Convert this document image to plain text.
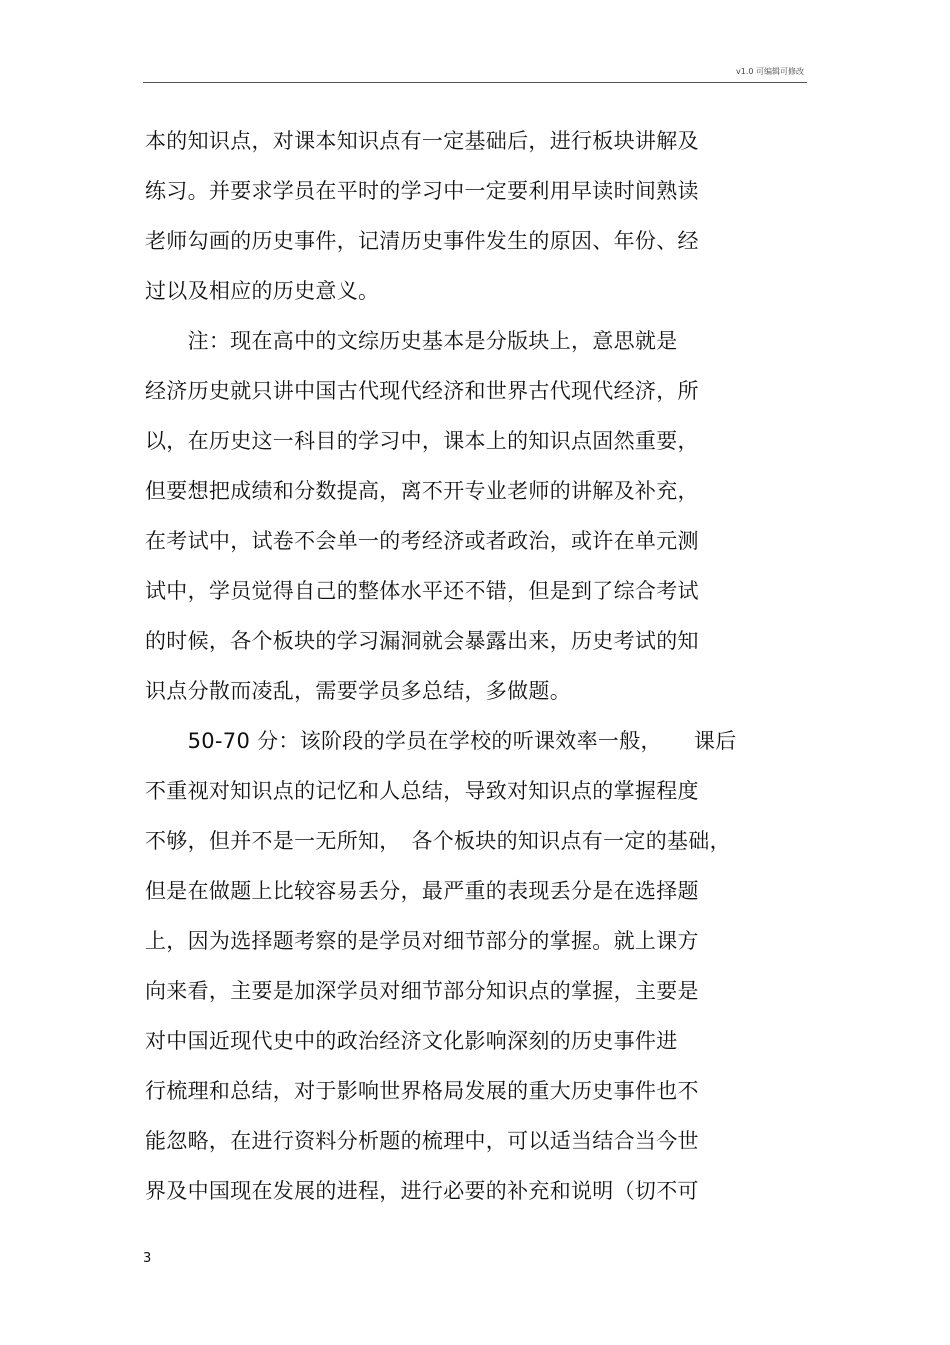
v1.0 可编辑可修改
本的知识点，对课本知识点有一定基础后，进行板块讲解及
练习。并要求学员在平时的学习中一定要利用早读时间熟读
老师勾画的历史事件，记清历史事件发生的原因、年份、经
过以及相应的历史意义。
　　注：现在高中的文综历史基本是分版块上，意思就是
经济历史就只讲中国古代现代经济和世界古代现代经济，所
以，在历史这一科目的学习中，课本上的知识点固然重要，
但要想把成绩和分数提高，离不开专业老师的讲解及补充，
在考试中，试卷不会单一的考经济或者政治，或许在单元测
试中，学员觉得自己的整体水平还不错，但是到了综合考试
的时候，各个板块的学习漏洞就会暴露出来，历史考试的知
识点分散而凌乱，需要学员多总结，多做题。
　　50-70 分：该阶段的学员在学校的听课效率一般，　　课后
不重视对知识点的记忆和人总结，导致对知识点的掌握程度
不够，但并不是一无所知，　各个板块的知识点有一定的基础，
但是在做题上比较容易丢分，最严重的表现丢分是在选择题
上，因为选择题考察的是学员对细节部分的掌握。就上课方
向来看，主要是加深学员对细节部分知识点的掌握，主要是
对中国近现代史中的政治经济文化影响深刻的历史事件进
行梳理和总结，对于影响世界格局发展的重大历史事件也不
能忽略，在进行资料分析题的梳理中，可以适当结合当今世
界及中国现在发展的进程，进行必要的补充和说明（切不可
3
